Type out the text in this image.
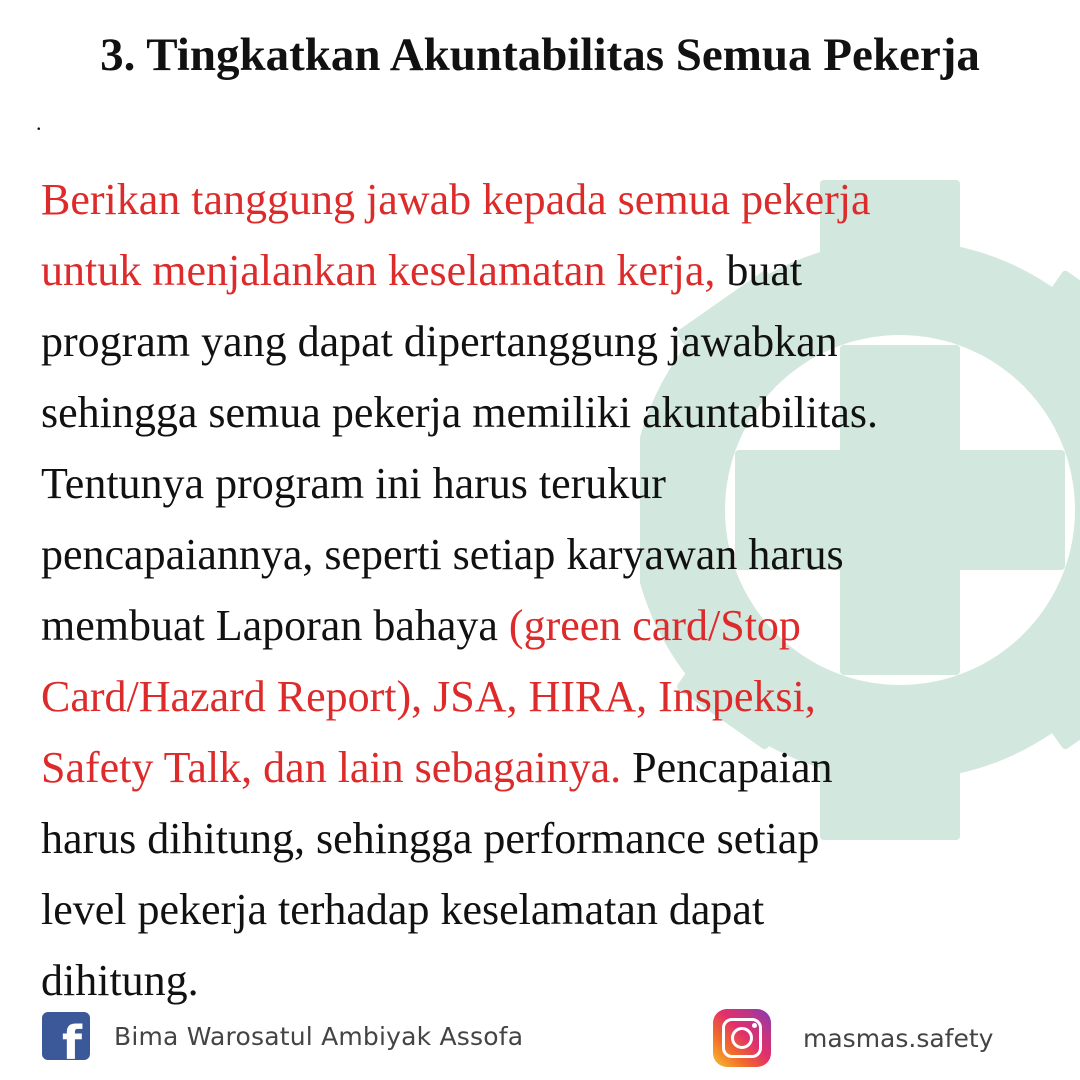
3. Tingkatkan Akuntabilitas Semua Pekerja
.
Berikan tanggung jawab kepada semua pekerja
untuk menjalankan keselamatan kerja, buat
program yang dapat dipertanggung jawabkan
sehingga semua pekerja memiliki akuntabilitas.
Tentunya program ini harus terukur
pencapaiannya, seperti setiap karyawan harus
membuat Laporan bahaya (green card/Stop
Card/Hazard Report), JSA, HIRA, Inspeksi,
Safety Talk, dan lain sebagainya. Pencapaian
harus dihitung, sehingga performance setiap
level pekerja terhadap keselamatan dapat
dihitung.
f Bima Warosatul Ambiyak Assofa	masmas.safety
